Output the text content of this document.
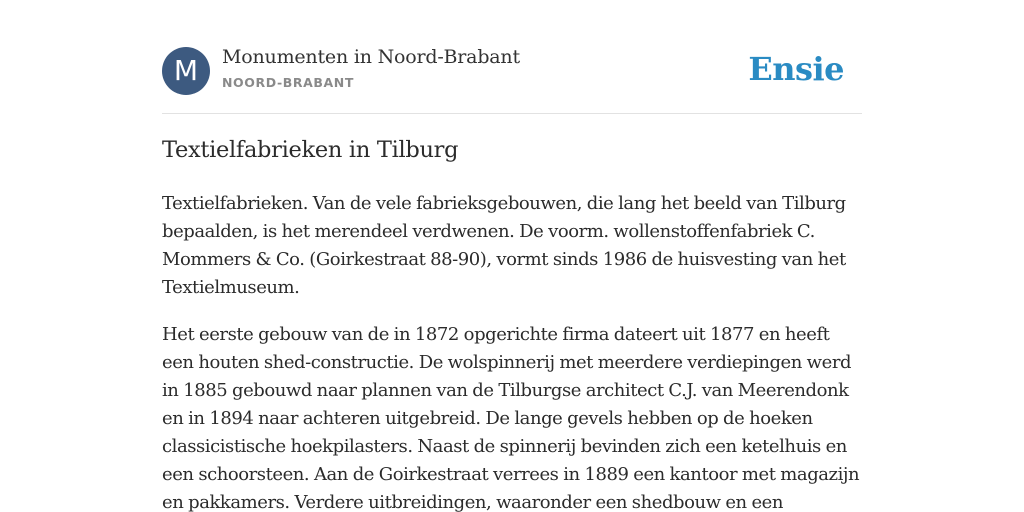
M	Monumenten in Noord-Brabant
NOORD-BRABANT	Ensie
Textielfabrieken in Tilburg

Textielfabrieken. Van de vele fabrieksgebouwen, die lang het beeld van Tilburg bepaalden, is het merendeel verdwenen. De voorm. wollenstoffenfabriek C. Mommers & Co. (Goirkestraat 88-90), vormt sinds 1986 de huisvesting van het Textielmuseum.

Het eerste gebouw van de in 1872 opgerichte firma dateert uit 1877 en heeft een houten shed-constructie. De wolspinnerij met meerdere verdiepingen werd in 1885 gebouwd naar plannen van de Tilburgse architect C.J. van Meerendonk en in 1894 naar achteren uitgebreid. De lange gevels hebben op de hoeken classicistische hoekpilasters. Naast de spinnerij bevinden zich een ketelhuis en een schoorsteen. Aan de Goirkestraat verrees in 1889 een kantoor met magazijn en pakkamers. Verdere uitbreidingen, waaronder een shedbouw en een
